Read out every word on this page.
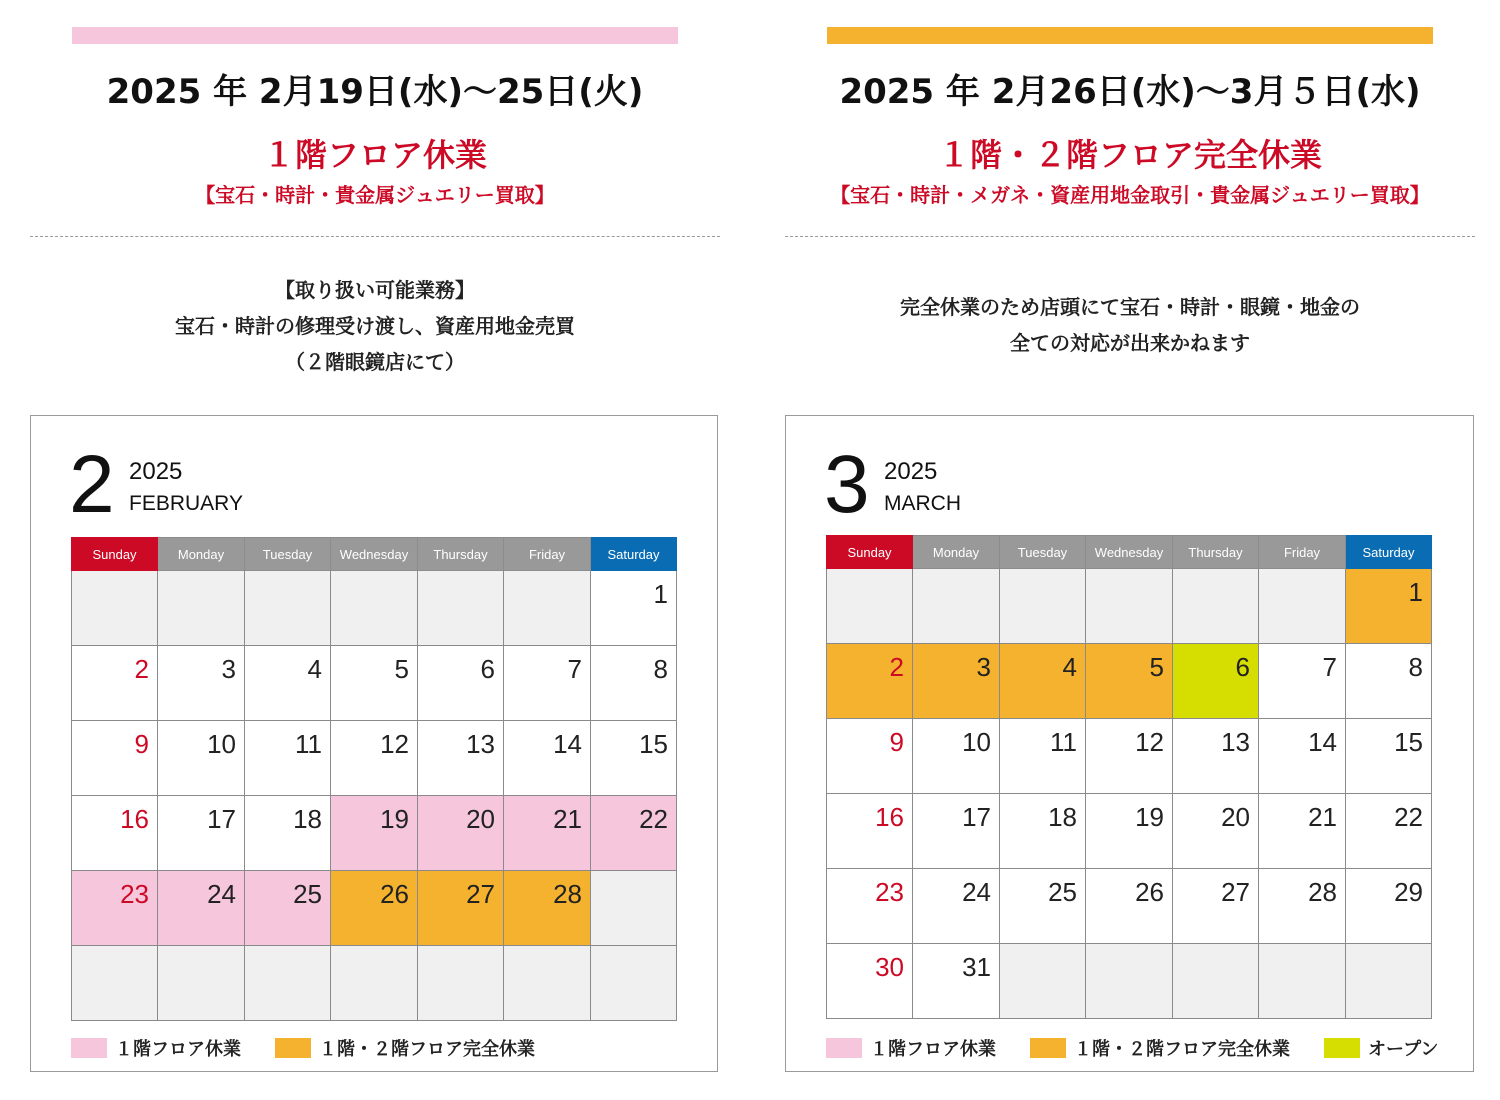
2025 年 2月19日(水)〜25日(火)
１階フロア休業
【宝石・時計・貴金属ジュエリー買取】
【取り扱い可能業務】
宝石・時計の修理受け渡し、資産用地金売買
（２階眼鏡店にて）
2 2025
FEBRUARY
Sunday	Monday	Tuesday	Wednesday	Thursday	Friday	Saturday

						1

2	3	4	5	6	7	8

9	10	11	12	13	14	15

16	17	18	19	20	21	22

23	24	25	26	27	28	

１階フロア休業	１階・２階フロア完全休業
2025 年 2月26日(水)〜3月５日(水)
１階・２階フロア完全休業
【宝石・時計・メガネ・資産用地金取引・貴金属ジュエリー買取】
完全休業のため店頭にて宝石・時計・眼鏡・地金の
全ての対応が出来かねます
3 2025
MARCH
Sunday	Monday	Tuesday	Wednesday	Thursday	Friday	Saturday

						1

2	3	4	5	6	7	8

9	10	11	12	13	14	15

16	17	18	19	20	21	22

23	24	25	26	27	28	29

30	31					

１階フロア休業	１階・２階フロア完全休業	オープン
